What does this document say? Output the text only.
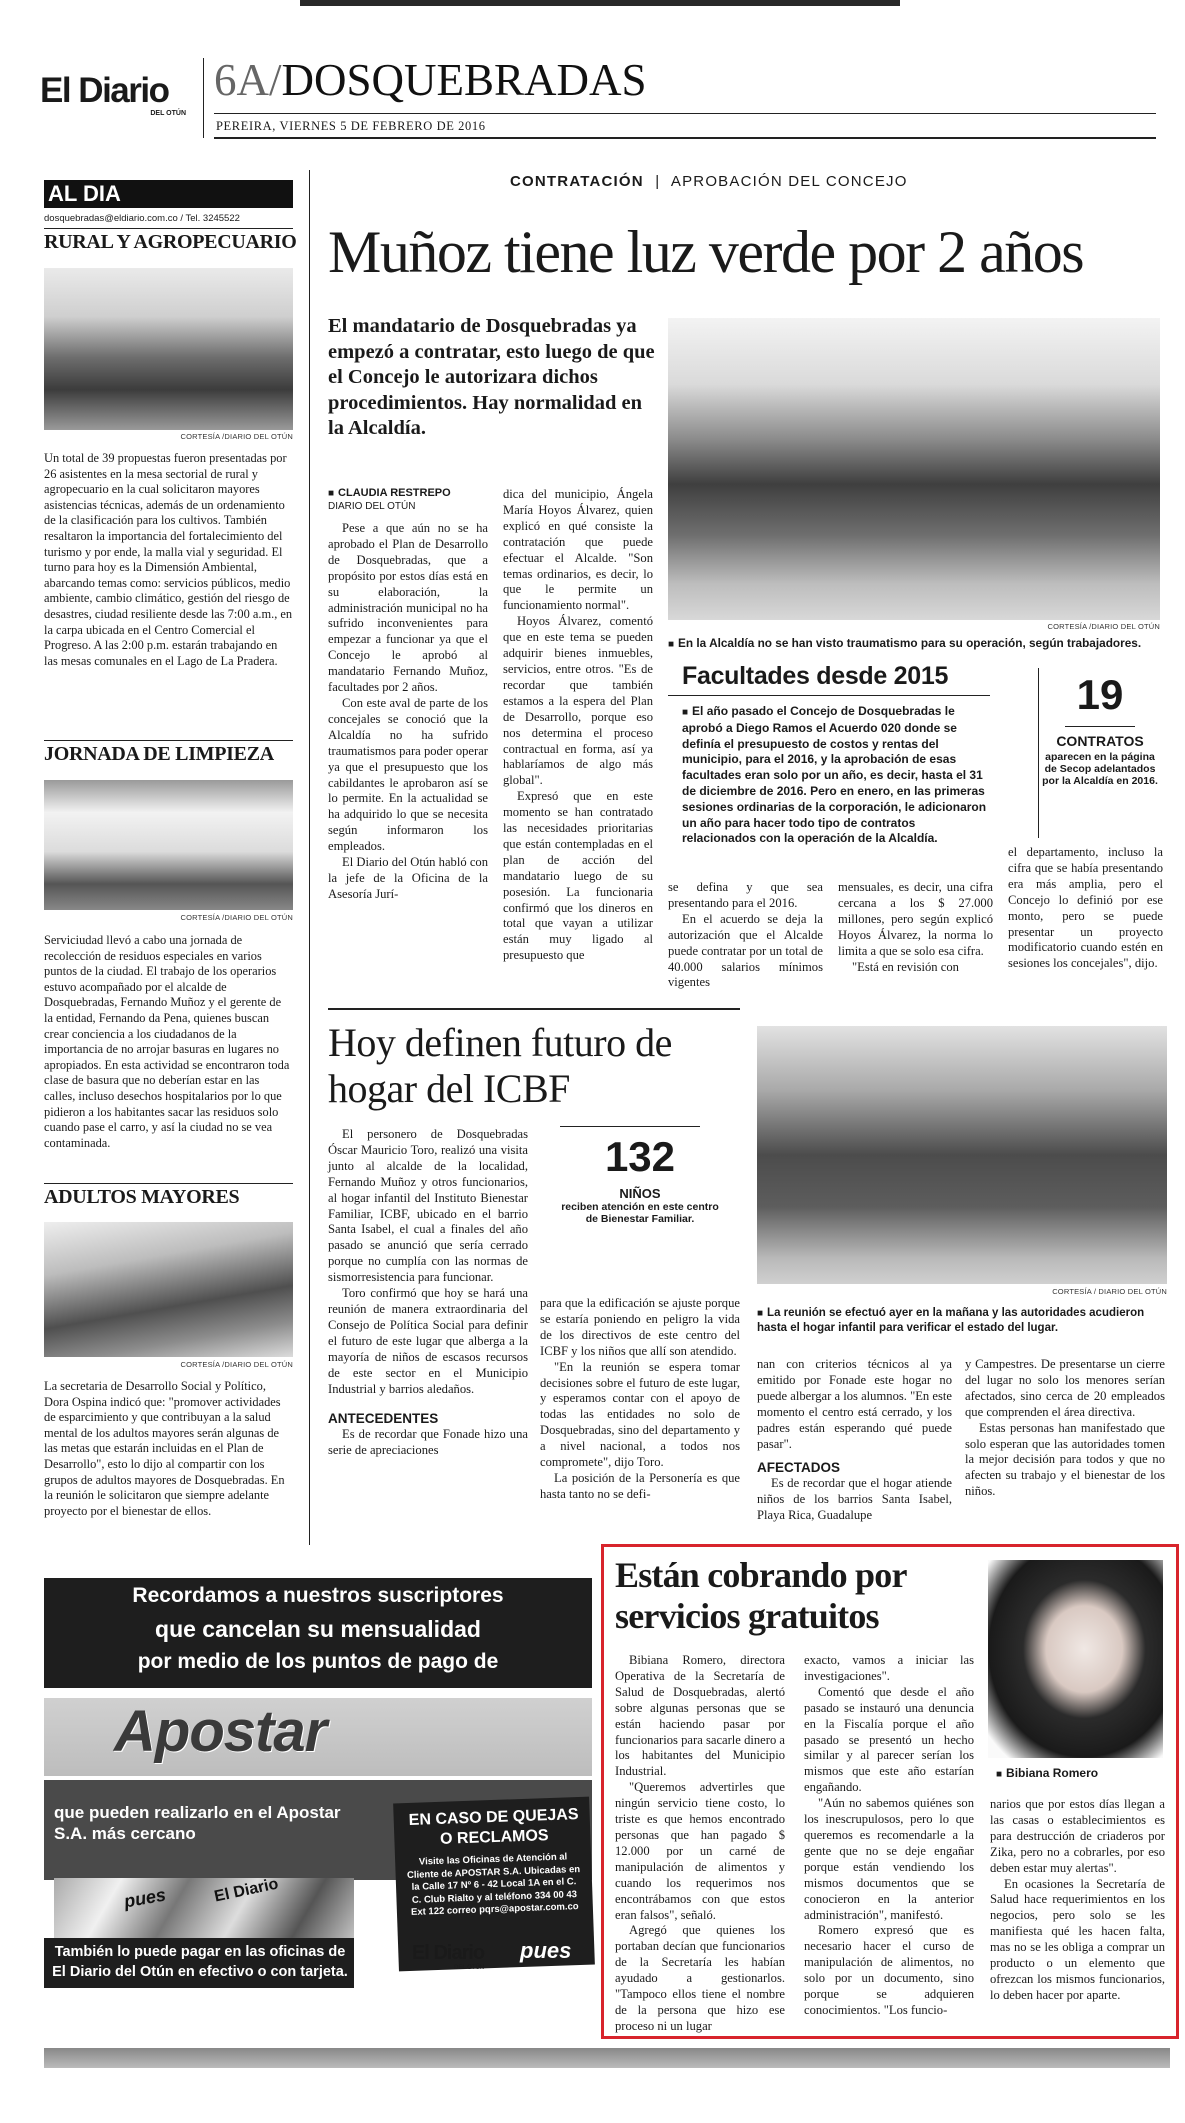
El Diario
DEL OTÚN
6A/DOSQUEBRADAS
PEREIRA, VIERNES 5 DE FEBRERO DE 2016
AL DIA
dosquebradas@eldiario.com.co / Tel. 3245522
RURAL Y AGROPECUARIO
CORTESÍA /DIARIO DEL OTÚN
Un total de 39 propuestas fueron presentadas por 26 asistentes en la mesa sectorial de rural y agropecuario en la cual solicitaron mayores asistencias técnicas, además de un ordenamiento de la clasificación para los cultivos. También resaltaron la importancia del fortalecimiento del turismo y por ende, la malla vial y seguridad. El turno para hoy es la Dimensión Ambiental, abarcando temas como: servicios públicos, medio ambiente, cambio climático, gestión del riesgo de desastres, ciudad resiliente desde las 7:00 a.m., en la carpa ubicada en el Centro Comercial el Progreso. A las 2:00 p.m. estarán trabajando en las mesas comunales en el Lago de La Pradera.
JORNADA DE LIMPIEZA
CORTESÍA /DIARIO DEL OTÚN
Serviciudad llevó a cabo una jornada de recolección de residuos especiales en varios puntos de la ciudad. El trabajo de los operarios estuvo acompañado por el alcalde de Dosquebradas, Fernando Muñoz y el gerente de la entidad, Fernando da Pena, quienes buscan crear conciencia a los ciudadanos de la importancia de no arrojar basuras en lugares no apropiados. En esta actividad se encontraron toda clase de basura que no deberían estar en las calles, incluso desechos hospitalarios por lo que pidieron a los habitantes sacar las residuos solo cuando pase el carro, y así la ciudad no se vea contaminada.
ADULTOS MAYORES
CORTESÍA /DIARIO DEL OTÚN
La secretaria de Desarrollo Social y Político, Dora Ospina indicó que: "promover actividades de esparcimiento y que contribuyan a la salud mental de los adultos mayores serán algunas de las metas que estarán incluidas en el Plan de Desarrollo", esto lo dijo al compartir con los grupos de adultos mayores de Dosquebradas. En la reunión le solicitaron que siempre adelante proyecto por el bienestar de ellos.
CONTRATACIÓN | APROBACIÓN DEL CONCEJO
Muñoz tiene luz verde por 2 años
El mandatario de Dosquebradas ya empezó a contratar, esto luego de que el Concejo le autorizara dichos procedimientos. Hay normalidad en la Alcaldía.
CORTESÍA /DIARIO DEL OTÚN
■ En la Alcaldía no se han visto traumatismo para su operación, según trabajadores.
■ CLAUDIA RESTREPO
DIARIO DEL OTÚN

Pese a que aún no se ha aprobado el Plan de Desarrollo de Dosquebradas, que a propósito por estos días está en su elaboración, la administración municipal no ha sufrido inconvenientes para empezar a funcionar ya que el Concejo le aprobó al mandatario Fernando Muñoz, facultades por 2 años.

Con este aval de parte de los concejales se conoció que la Alcaldía no ha sufrido traumatismos para poder operar ya que el presupuesto que los cabildantes le aprobaron así se lo permite. En la actualidad se ha adquirido lo que se necesita según informaron los empleados.

El Diario del Otún habló con la jefe de la Oficina de la Asesoría Jurí-

dica del municipio, Ángela María Hoyos Álvarez, quien explicó en qué consiste la contratación que puede efectuar el Alcalde. "Son temas ordinarios, es decir, lo que le permite un funcionamiento normal".

Hoyos Álvarez, comentó que en este tema se pueden adquirir bienes inmuebles, servicios, entre otros. "Es de recordar que también estamos a la espera del Plan de Desarrollo, porque eso nos determina el proceso contractual en forma, así ya hablaríamos de algo más global".

Expresó que en este momento se han contratado las necesidades prioritarias que están contempladas en el plan de acción del mandatario luego de su posesión. La funcionaria confirmó que los dineros en total que vayan a utilizar están muy ligado al presupuesto que

Facultades desde 2015
■ El año pasado el Concejo de Dosquebradas le aprobó a Diego Ramos el Acuerdo 020 donde se definía el presupuesto de costos y rentas del municipio, para el 2016, y la aprobación de esas facultades eran solo por un año, es decir, hasta el 31 de diciembre de 2016. Pero en enero, en las primeras sesiones ordinarias de la corporación, le adicionaron un año para hacer todo tipo de contratos relacionados con la operación de la Alcaldía.
19
CONTRATOS
aparecen en la página de Secop adelantados por la Alcaldía en 2016.

se defina y que sea presentando para el 2016.

En el acuerdo se deja la autorización que el Alcalde puede contratar por un total de 40.000 salarios mínimos vigentes

mensuales, es decir, una cifra cercana a los $ 27.000 millones, pero según explicó Hoyos Álvarez, la norma lo limita a que se solo esa cifra.

"Está en revisión con

el departamento, incluso la cifra que se había presentando era más amplia, pero el Concejo lo definió por ese monto, pero se puede presentar un proyecto modificatorio cuando estén en sesiones los concejales", dijo.

Hoy definen futuro de hogar del ICBF
132
NIÑOS
reciben atención en este centro de Bienestar Familiar.
CORTESÍA / DIARIO DEL OTÚN
■ La reunión se efectuó ayer en la mañana y las autoridades acudieron hasta el hogar infantil para verificar el estado del lugar.

El personero de Dosquebradas Óscar Mauricio Toro, realizó una visita junto al alcalde de la localidad, Fernando Muñoz y otros funcionarios, al hogar infantil del Instituto Bienestar Familiar, ICBF, ubicado en el barrio Santa Isabel, el cual a finales del año pasado se anunció que sería cerrado porque no cumplía con las normas de sismorresistencia para funcionar.

Toro confirmó que hoy se hará una reunión de manera extraordinaria del Consejo de Política Social para definir el futuro de este lugar que alberga a la mayoría de niños de escasos recursos de este sector en el Municipio Industrial y barrios aledaños.

ANTECEDENTES

Es de recordar que Fonade hizo una serie de apreciaciones

para que la edificación se ajuste porque se estaría poniendo en peligro la vida de los directivos de este centro del ICBF y los niños que allí son atendido.

"En la reunión se espera tomar decisiones sobre el futuro de este lugar, y esperamos contar con el apoyo de todas las entidades no solo de Dosquebradas, sino del departamento y a nivel nacional, a todos nos compromete", dijo Toro.

La posición de la Personería es que hasta tanto no se defi-

nan con criterios técnicos al ya emitido por Fonade este hogar no puede albergar a los alumnos. "En este momento el centro está cerrado, y los padres están esperando qué puede pasar".

AFECTADOS

Es de recordar que el hogar atiende niños de los barrios Santa Isabel, Playa Rica, Guadalupe

y Campestres. De presentarse un cierre del lugar no solo los menores serían afectados, sino cerca de 20 empleados que comprenden el área directiva.

Estas personas han manifestado que solo esperan que las autoridades tomen la mejor decisión para todos y que no afecten su trabajo y el bienestar de los niños.

Recordamos a nuestros suscriptores
que cancelan su mensualidad
por medio de los puntos de pago de
Apostar
que pueden realizarlo en el Apostar S.A. más cercano
EN CASO DE QUEJAS O RECLAMOS
Visite las Oficinas de Atención al Cliente de APOSTAR S.A. Ubicadas en la Calle 17 Nº 6 - 42 Local 1A en el C. C. Club Rialto y al teléfono 334 00 43 Ext 122 correo pqrs@apostar.com.co
El Diario
pues
También lo puede pagar en las oficinas de El Diario del Otún en efectivo o con tarjeta.
El Diario
DEL OTÚN
pues
Están cobrando por servicios gratuitos
■ Bibiana Romero

Bibiana Romero, directora Operativa de la Secretaría de Salud de Dosquebradas, alertó sobre algunas personas que se están haciendo pasar por funcionarios para sacarle dinero a los habitantes del Municipio Industrial.

"Queremos advertirles que ningún servicio tiene costo, lo triste es que hemos encontrado personas que han pagado $ 12.000 por un carné de manipulación de alimentos y cuando los requerimos nos encontrábamos con que estos eran falsos", señaló.

Agregó que quienes los portaban decían que funcionarios de la Secretaría les habían ayudado a gestionarlos. "Tampoco ellos tiene el nombre de la persona que hizo ese proceso ni un lugar

exacto, vamos a iniciar las investigaciones".

Comentó que desde el año pasado se instauró una denuncia en la Fiscalía porque el año pasado se presentó un hecho similar y al parecer serían los mismos que este año estarían engañando.

"Aún no sabemos quiénes son los inescrupulosos, pero lo que queremos es recomendarle a la gente que no se deje engañar porque están vendiendo los mismos documentos que se conocieron en la anterior administración", manifestó.

Romero expresó que es necesario hacer el curso de manipulación de alimentos, no solo por un documento, sino porque se adquieren conocimientos. "Los funcio-

narios que por estos días llegan a las casas o establecimientos es para destrucción de criaderos por Zika, pero no a cobrarles, por eso deben estar muy alertas".

En ocasiones la Secretaría de Salud hace requerimientos en los negocios, pero solo se les manifiesta qué les hacen falta, mas no se les obliga a comprar un producto o un elemento que ofrezcan los mismos funcionarios, lo deben hacer por aparte.
